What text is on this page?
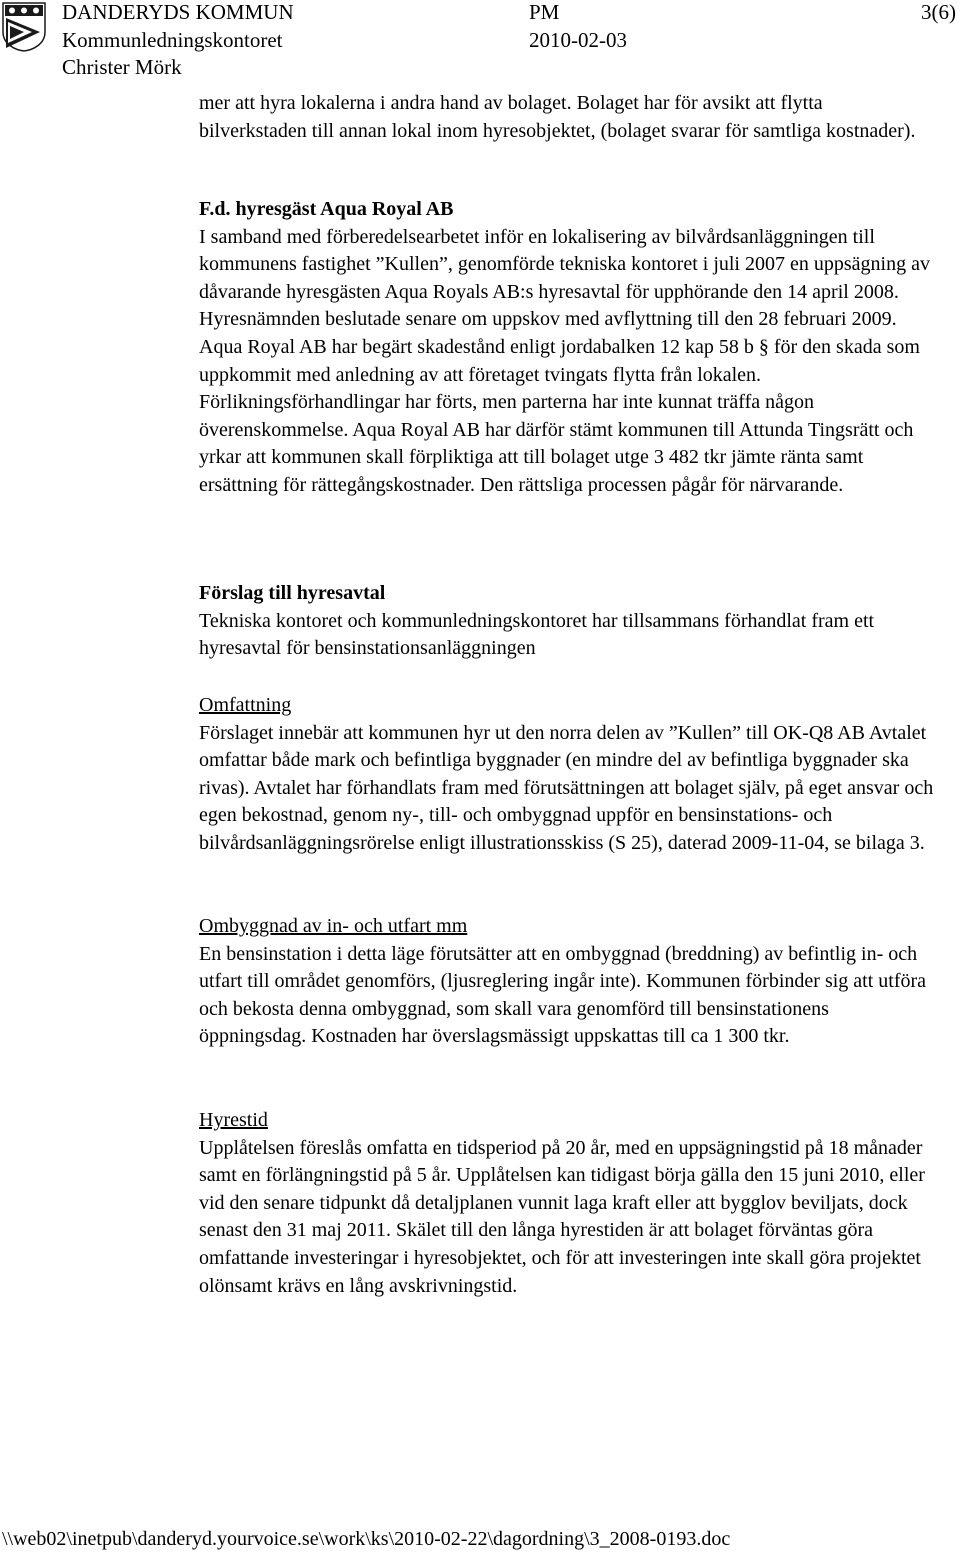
DANDERYDS KOMMUN
Kommunledningskontoret
Christer Mörk
PM
2010-02-03
3(6)

mer att hyra lokalerna i andra hand av bolaget. Bolaget har för avsikt att flytta bilverkstaden till annan lokal inom hyresobjektet, (bolaget svarar för samtliga kostnader).

F.d. hyresgäst Aqua Royal AB

I samband med förberedelsearbetet inför en lokalisering av bilvårdsanläggningen till kommunens fastighet ”Kullen”, genomförde tekniska kontoret i juli 2007 en uppsägning av dåvarande hyresgästen Aqua Royals AB:s hyresavtal för upphörande den 14 april 2008. Hyresnämnden beslutade senare om uppskov med avflyttning till den 28 februari 2009. Aqua Royal AB har begärt skadestånd enligt jordabalken 12 kap 58 b § för den skada som uppkommit med anledning av att företaget tvingats flytta från lokalen. Förlikningsförhandlingar har förts, men parterna har inte kunnat träffa någon överenskommelse. Aqua Royal AB har därför stämt kommunen till Attunda Tingsrätt och yrkar att kommunen skall förpliktiga att till bolaget utge 3 482 tkr jämte ränta samt ersättning för rättegångskostnader. Den rättsliga processen pågår för närvarande.

Förslag till hyresavtal

Tekniska kontoret och kommunledningskontoret har tillsammans förhandlat fram ett hyresavtal för bensinstationsanläggningen

Omfattning

Förslaget innebär att kommunen hyr ut den norra delen av ”Kullen” till OK-Q8 AB Avtalet omfattar både mark och befintliga byggnader (en mindre del av befintliga byggnader ska rivas). Avtalet har förhandlats fram med förutsättningen att bolaget själv, på eget ansvar och egen bekostnad, genom ny-, till- och ombyggnad uppför en bensinstations- och bilvårdsanläggningsrörelse enligt illustrationsskiss (S 25), daterad 2009-11-04, se bilaga 3.

Ombyggnad av in- och utfart mm

En bensinstation i detta läge förutsätter att en ombyggnad (breddning) av befintlig in- och utfart till området genomförs, (ljusreglering ingår inte). Kommunen förbinder sig att utföra och bekosta denna ombyggnad, som skall vara genomförd till bensinstationens öppningsdag. Kostnaden har överslagsmässigt uppskattas till ca 1 300 tkr.

Hyrestid

Upplåtelsen föreslås omfatta en tidsperiod på 20 år, med en uppsägningstid på 18 månader samt en förlängningstid på 5 år. Upplåtelsen kan tidigast börja gälla den 15 juni 2010, eller vid den senare tidpunkt då detaljplanen vunnit laga kraft eller att bygglov beviljats, dock senast den 31 maj 2011. Skälet till den långa hyrestiden är att bolaget förväntas göra omfattande investeringar i hyresobjektet, och för att investeringen inte skall göra projektet olönsamt krävs en lång avskrivningstid.

\\web02\inetpub\danderyd.yourvoice.se\work\ks\2010-02-22\dagordning\3_2008-0193.doc
